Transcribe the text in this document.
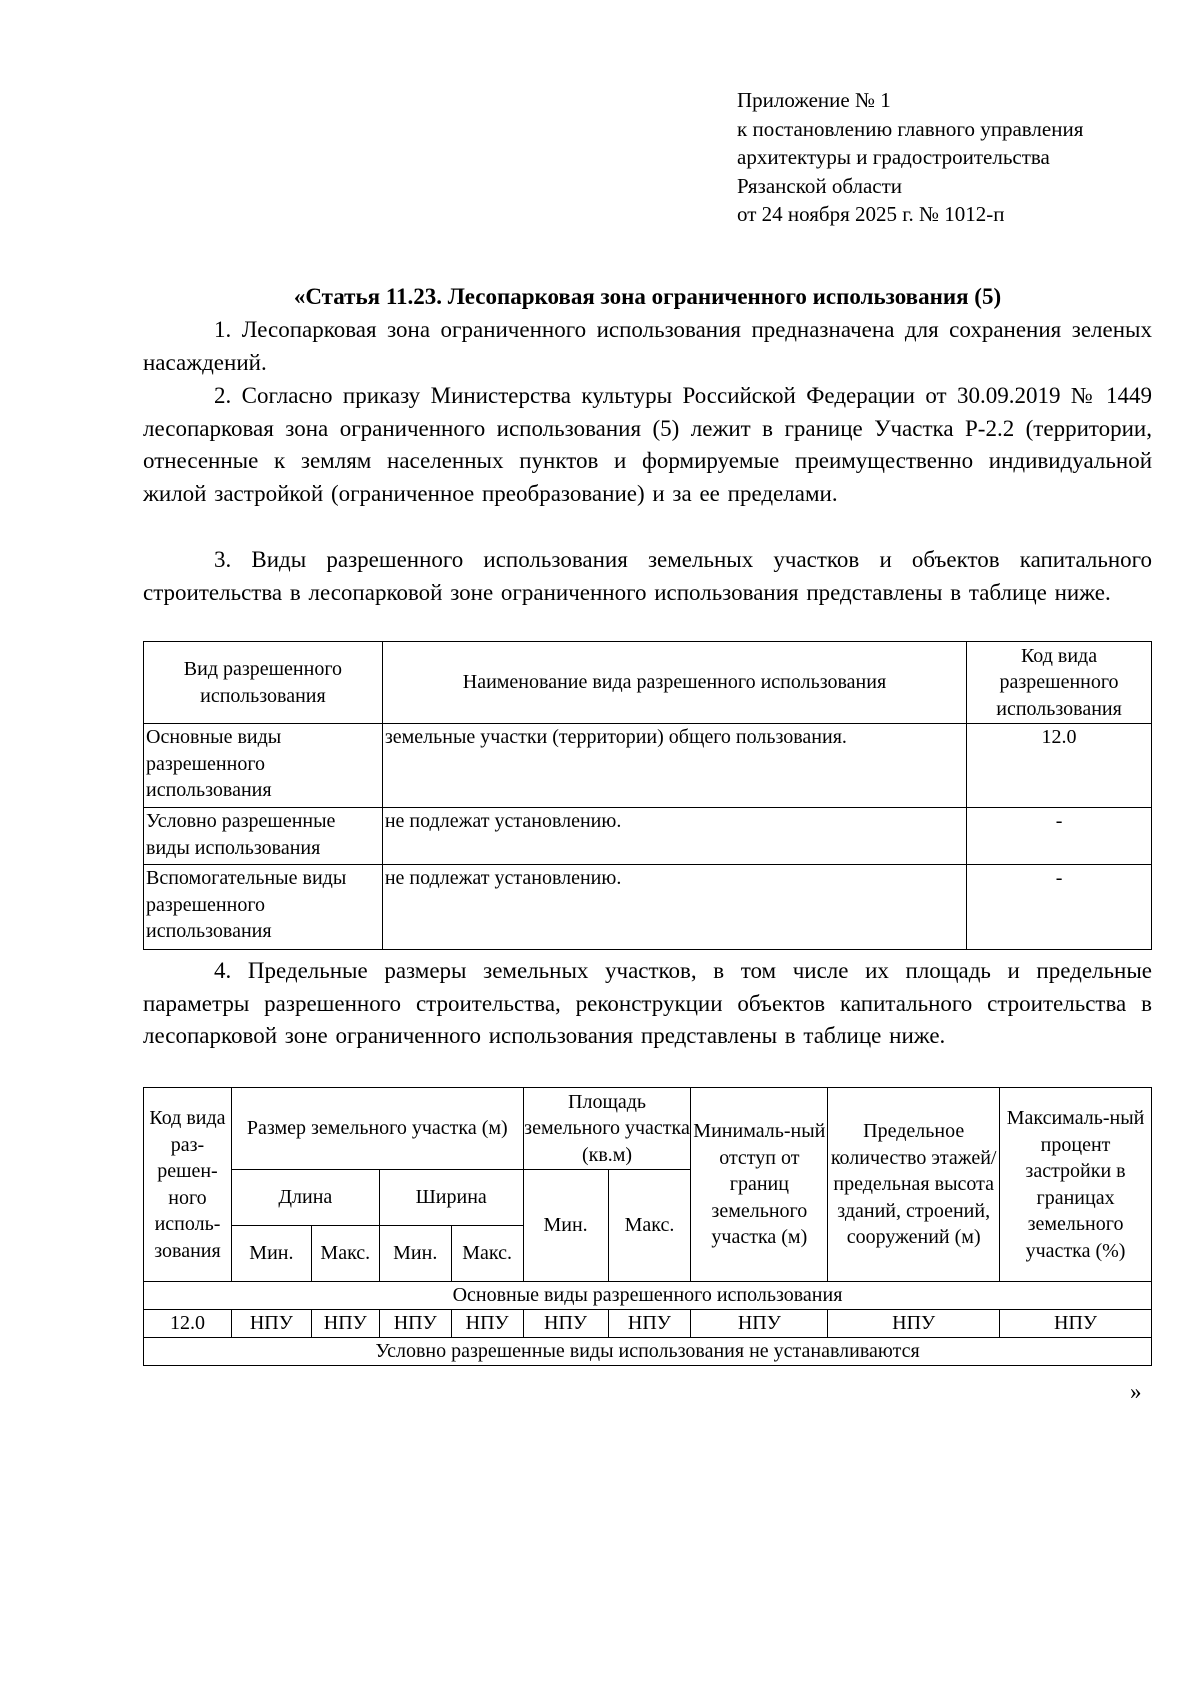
Приложение № 1
к постановлению главного управления
архитектуры и градостроительства
Рязанской области
от 24 ноября 2025 г. № 1012-п
«Статья 11.23. Лесопарковая зона ограниченного использования (5)
1. Лесопарковая зона ограниченного использования предназначена для сохранения зеленых насаждений.
2. Согласно приказу Министерства культуры Российской Федерации от 30.09.2019 № 1449 лесопарковая зона ограниченного использования (5) лежит в границе Участка Р-2.2 (территории, отнесенные к землям населенных пунктов и формируемые преимущественно индивидуальной жилой застройкой (ограниченное преобразование) и за ее пределами.
3. Виды разрешенного использования земельных участков и объектов капитального строительства в лесопарковой зоне ограниченного использования представлены в таблице ниже.
Вид разрешенного использования	Наименование вида разрешенного использования	Код вида разрешенного использования
Основные виды разрешенного использования	земельные участки (территории) общего пользования.	12.0
Условно разрешенные виды использования	не подлежат установлению.	-
Вспомогательные виды разрешенного использования	не подлежат установлению.	-
4. Предельные размеры земельных участков, в том числе их площадь и предельные параметры разрешенного строительства, реконструкции объектов капитального строительства в лесопарковой зоне ограниченного использования представлены в таблице ниже.
Код вида раз-решен-ного исполь-зования	Размер земельного участка (м)				Площадь земельного участка (кв.м)		Минималь-ный отступ от границ земельного участка (м)	Предельное количество этажей/ предельная высота зданий, строений, сооружений (м)	Максималь-ный процент застройки в границах земельного участка (%)
	Длина		Ширина		Мин.	Макс.			
	Мин.	Макс.	Мин.	Макс.					
Основные виды разрешенного использования									
12.0	НПУ	НПУ	НПУ	НПУ	НПУ	НПУ	НПУ	НПУ	НПУ
Условно разрешенные виды использования не устанавливаются									
»
